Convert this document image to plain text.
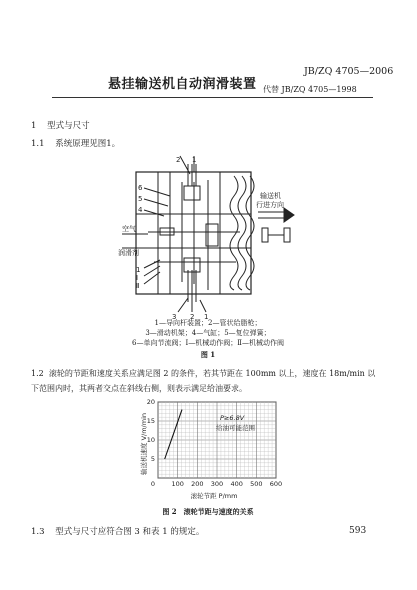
JB/ZQ 4705—2006
悬挂输送机自动润滑装置 代替 JB/ZQ 4705—1998
1 型式与尺寸
1.1 系统原理见图1。
2 1
6
5
4
空气
润滑剂
1
Ⅰ
Ⅱ
3 2 1
输送机
行进方向
1—导向杆装置；2—管状给脂枪；
3—滑动机架；4—气缸；5—复位弹簧；
6—单向节流阀；Ⅰ—机械动作阀；Ⅱ—机械动作阀
图 1
1.2 滚轮的节距和速度关系应满足图 2 的条件，若其节距在 100mm 以上，速度在 18m/min 以下范围内时，其两者交点在斜线右侧，则表示满足给油要求。
20
15
10
5
0	600
500
400
300
200
100
输送机速度 V/m/min
滚轮节距 P/mm
P≥6.8V
给油可能范围
图 2　滚轮节距与速度的关系
1.3 型式与尺寸应符合图 3 和表 1 的规定。	593
